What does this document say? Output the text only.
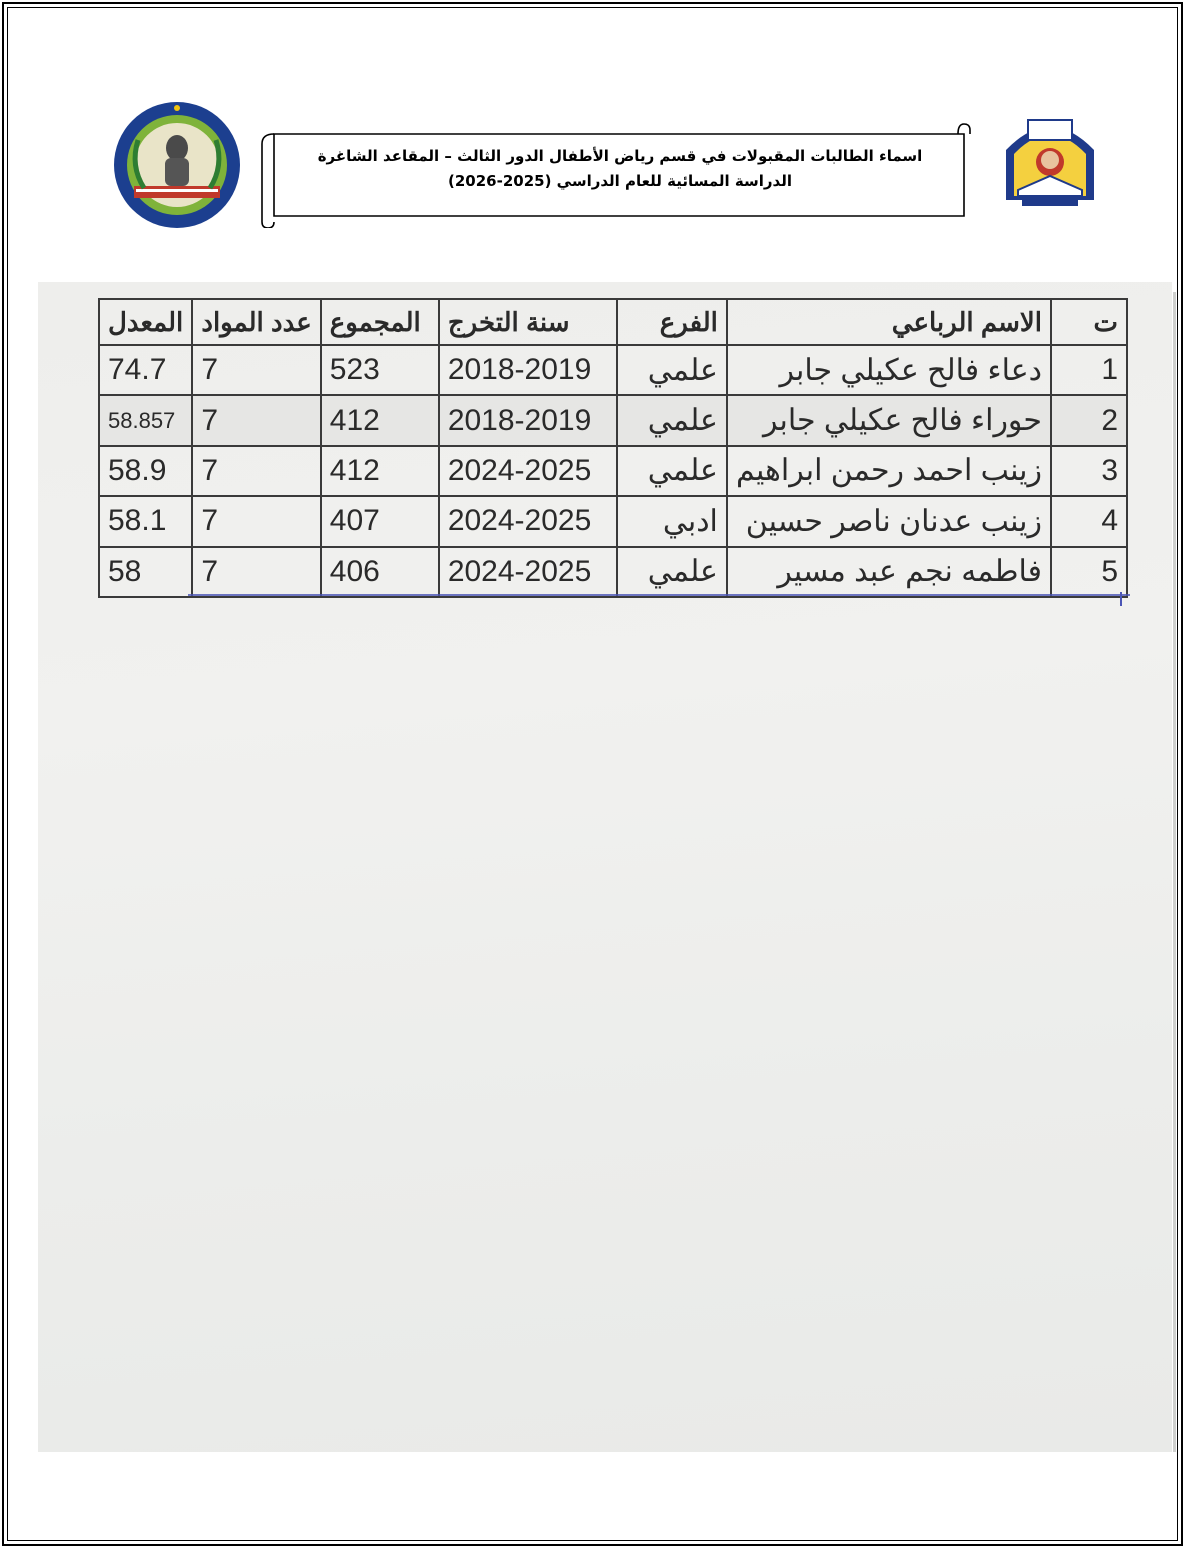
اسماء الطالبات المقبولات في قسم رياض الأطفال الدور الثالث – المقاعد الشاغرة
الدراسة المسائية للعام الدراسي (2025-2026)
ت	الاسم الرباعي	الفرع	سنة التخرج	المجموع	عدد المواد	المعدل
1	دعاء فالح عكيلي جابر	علمي	2018-2019	523	7	74.7
2	حوراء فالح عكيلي جابر	علمي	2018-2019	412	7	58.857
3	زينب احمد رحمن ابراهيم	علمي	2024-2025	412	7	58.9
4	زينب عدنان ناصر حسين	ادبي	2024-2025	407	7	58.1
5	فاطمه نجم عبد مسير	علمي	2024-2025	406	7	58
